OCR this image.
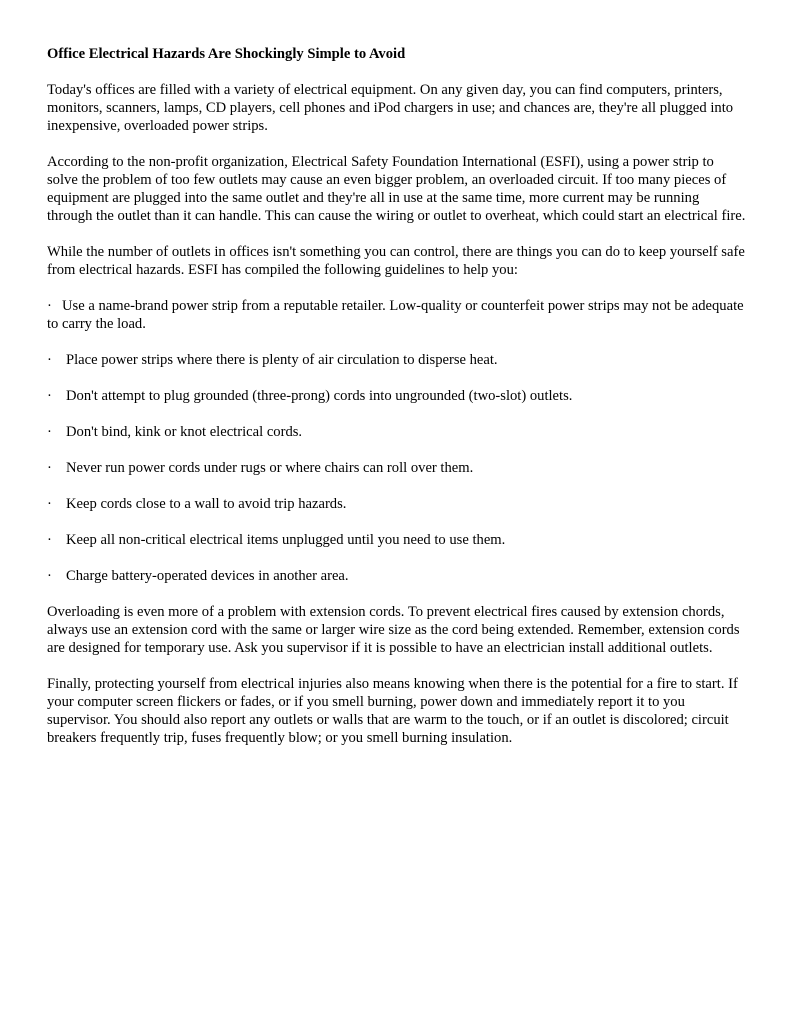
Office Electrical Hazards Are Shockingly Simple to Avoid

Today's offices are filled with a variety of electrical equipment. On any given day, you can find computers, printers, monitors, scanners, lamps, CD players, cell phones and iPod chargers in use; and chances are, they're all plugged into inexpensive, overloaded power strips.

According to the non-profit organization, Electrical Safety Foundation International (ESFI), using a power strip to solve the problem of too few outlets may cause an even bigger problem, an overloaded circuit. If too many pieces of equipment are plugged into the same outlet and they're all in use at the same time, more current may be running through the outlet than it can handle. This can cause the wiring or outlet to overheat, which could start an electrical fire.

While the number of outlets in offices isn't something you can control, there are things you can do to keep yourself safe from electrical hazards. ESFI has compiled the following guidelines to help you:

· Use a name-brand power strip from a reputable retailer. Low-quality or counterfeit power strips may not be adequate to carry the load.
· Place power strips where there is plenty of air circulation to disperse heat.
· Don't attempt to plug grounded (three-prong) cords into ungrounded (two-slot) outlets.
· Don't bind, kink or knot electrical cords.
· Never run power cords under rugs or where chairs can roll over them.
· Keep cords close to a wall to avoid trip hazards.
· Keep all non-critical electrical items unplugged until you need to use them.
· Charge battery-operated devices in another area.

Overloading is even more of a problem with extension cords. To prevent electrical fires caused by extension chords, always use an extension cord with the same or larger wire size as the cord being extended. Remember, extension cords are designed for temporary use. Ask you supervisor if it is possible to have an electrician install additional outlets.

Finally, protecting yourself from electrical injuries also means knowing when there is the potential for a fire to start. If your computer screen flickers or fades, or if you smell burning, power down and immediately report it to you supervisor. You should also report any outlets or walls that are warm to the touch, or if an outlet is discolored; circuit breakers frequently trip, fuses frequently blow; or you smell burning insulation.
